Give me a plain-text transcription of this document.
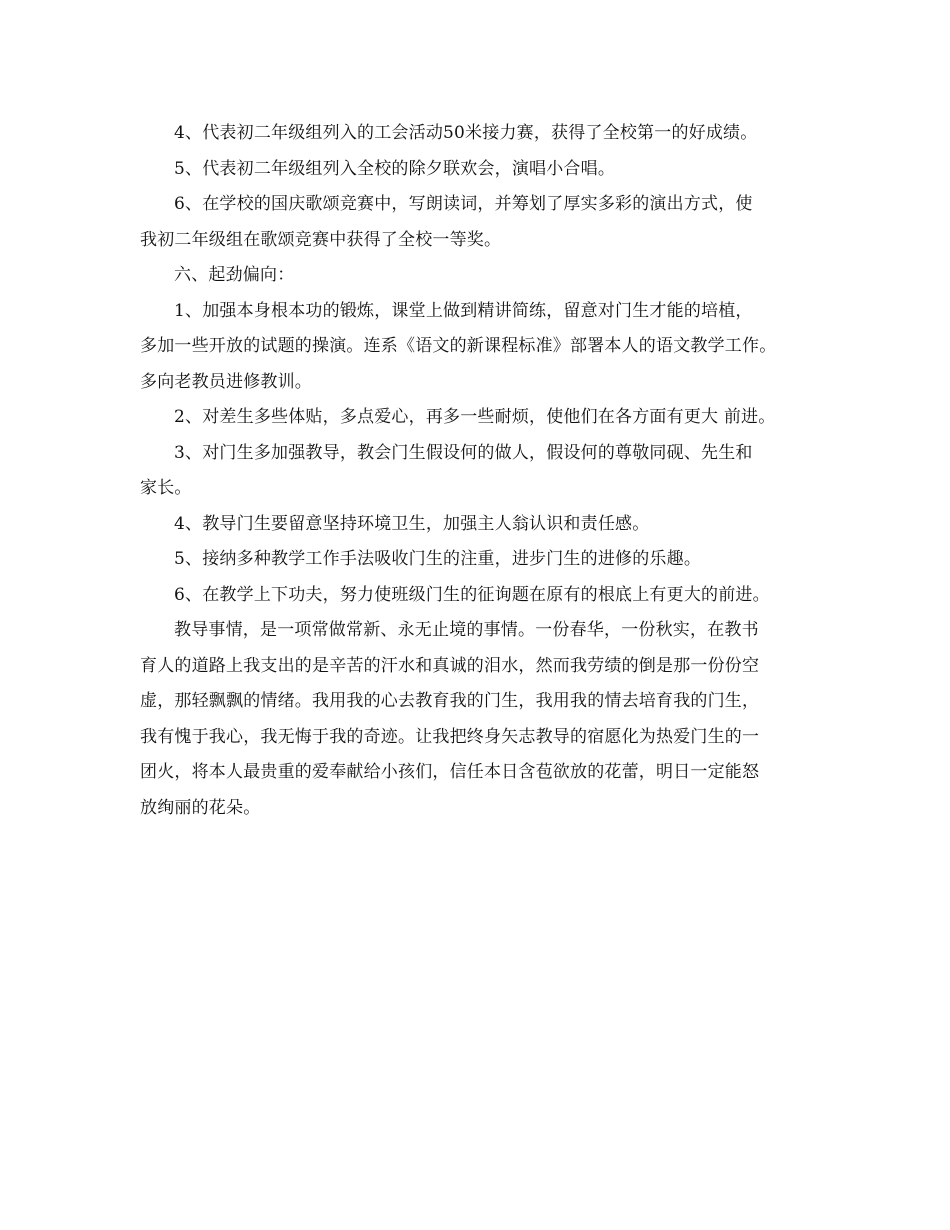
4、代表初二年级组列入的工会活动50米接力赛，获得了全校第一的好成绩。
5、代表初二年级组列入全校的除夕联欢会，演唱小合唱。
6、在学校的国庆歌颂竞赛中，写朗读词，并筹划了厚实多彩的演出方式，使
我初二年级组在歌颂竞赛中获得了全校一等奖。
六、起劲偏向：
1、加强本身根本功的锻炼，课堂上做到精讲简练，留意对门生才能的培植，
多加一些开放的试题的操演。连系《语文的新课程标准》部署本人的语文教学工作。
多向老教员进修教训。
2、对差生多些体贴，多点爱心，再多一些耐烦，使他们在各方面有更大 前进。
3、对门生多加强教导，教会门生假设何的做人，假设何的尊敬同砚、先生和
家长。
4、教导门生要留意坚持环境卫生，加强主人翁认识和责任感。
5、接纳多种教学工作手法吸收门生的注重，进步门生的进修的乐趣。
6、在教学上下功夫，努力使班级门生的征询题在原有的根底上有更大的前进。
教导事情，是一项常做常新、永无止境的事情。一份春华，一份秋实，在教书
育人的道路上我支出的是辛苦的汗水和真诚的泪水，然而我劳绩的倒是那一份份空
虚，那轻飘飘的情绪。我用我的心去教育我的门生，我用我的情去培育我的门生，
我有愧于我心，我无悔于我的奇迹。让我把终身矢志教导的宿愿化为热爱门生的一
团火，将本人最贵重的爱奉献给小孩们，信任本日含苞欲放的花蕾，明日一定能怒
放绚丽的花朵。
